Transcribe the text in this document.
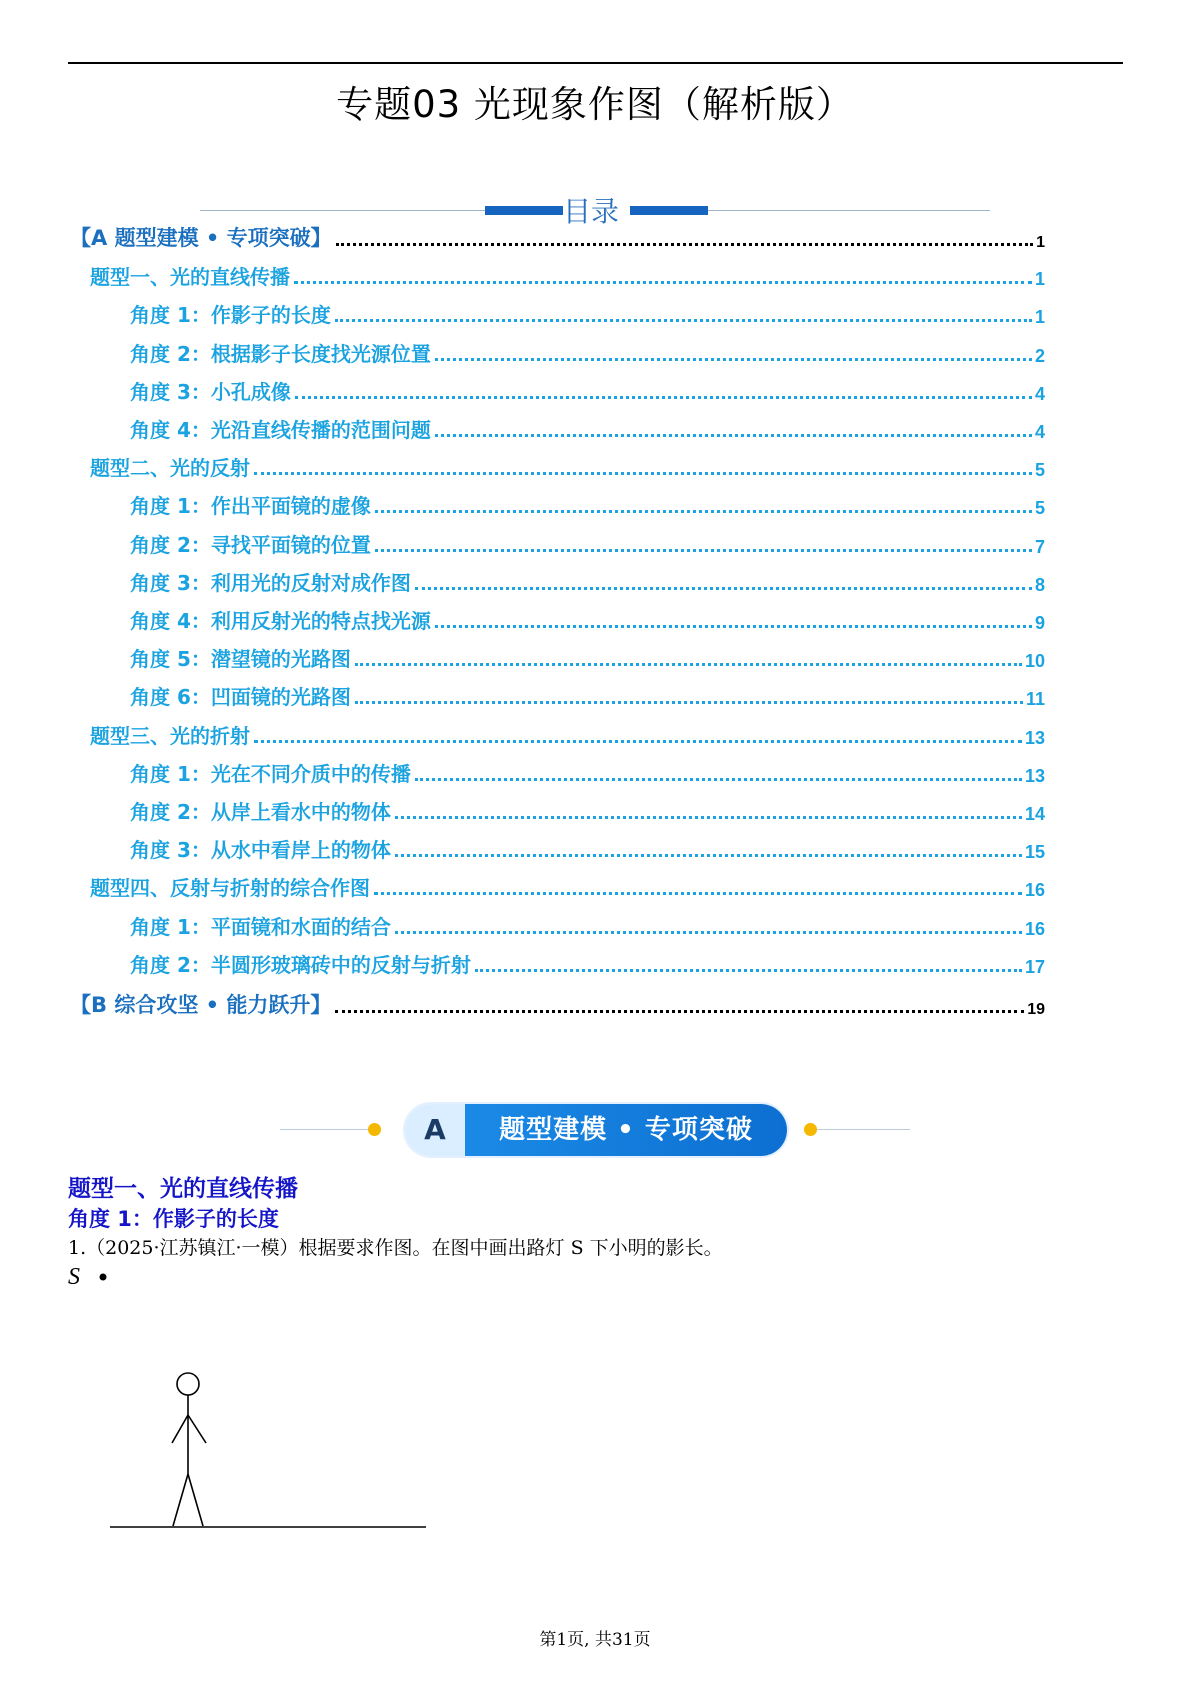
专题03 光现象作图（解析版）
目录
【A 题型建模 • 专项突破】	1
题型一、光的直线传播	1
角度 1：作影子的长度	1
角度 2：根据影子长度找光源位置	2
角度 3：小孔成像	4
角度 4：光沿直线传播的范围问题	4
题型二、光的反射	5
角度 1：作出平面镜的虚像	5
角度 2：寻找平面镜的位置	7
角度 3：利用光的反射对成作图	8
角度 4：利用反射光的特点找光源	9
角度 5：潜望镜的光路图	10
角度 6：凹面镜的光路图	11
题型三、光的折射	13
角度 1：光在不同介质中的传播	13
角度 2：从岸上看水中的物体	14
角度 3：从水中看岸上的物体	15
题型四、反射与折射的综合作图	16
角度 1：平面镜和水面的结合	16
角度 2：半圆形玻璃砖中的反射与折射	17
【B 综合攻坚 • 能力跃升】	19
A	题型建模 • 专项突破
题型一、光的直线传播
角度 1：作影子的长度
1.（2025·江苏镇江·一模）根据要求作图。在图中画出路灯 S 下小明的影长。
S
第1页, 共31页
